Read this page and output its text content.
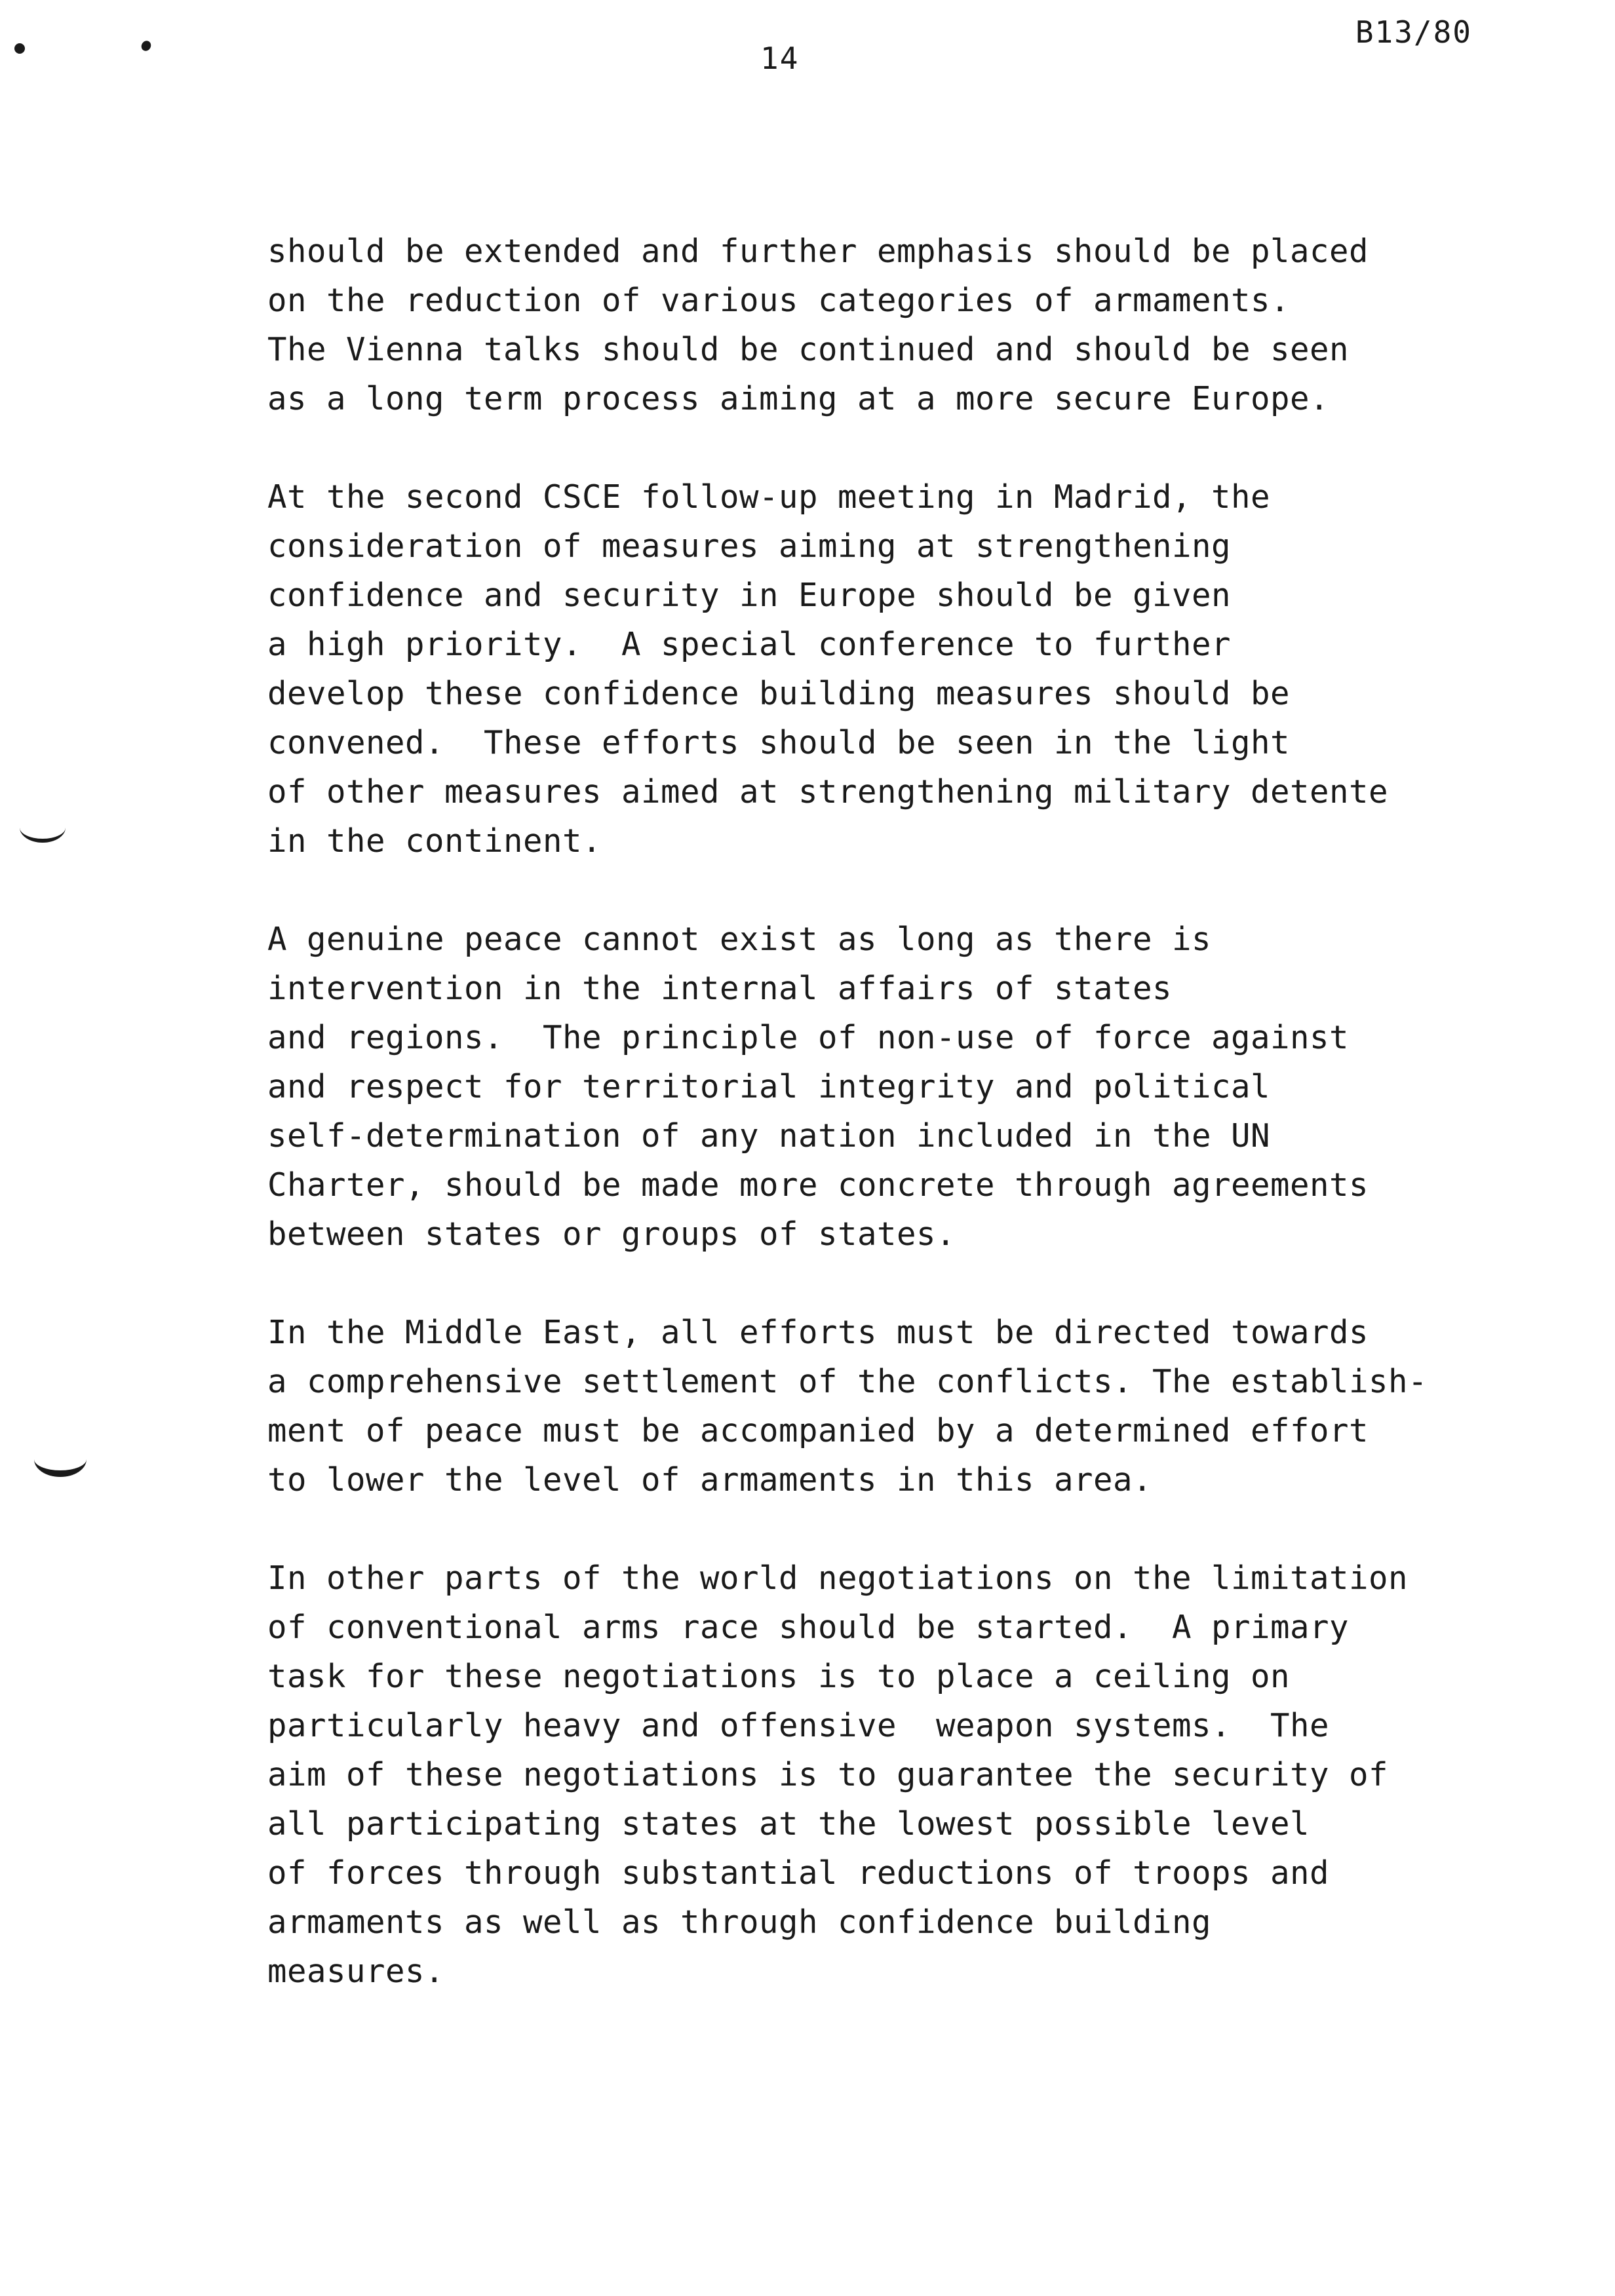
14
B13/80
should be extended and further emphasis should be placed
on the reduction of various categories of armaments.
The Vienna talks should be continued and should be seen
as a long term process aiming at a more secure Europe.
At the second CSCE follow-up meeting in Madrid, the
consideration of measures aiming at strengthening
confidence and security in Europe should be given
a high priority.  A special conference to further
develop these confidence building measures should be
convened.  These efforts should be seen in the light
of other measures aimed at strengthening military detente
in the continent.
A genuine peace cannot exist as long as there is
intervention in the internal affairs of states
and regions.  The principle of non-use of force against
and respect for territorial integrity and political
self-determination of any nation included in the UN
Charter, should be made more concrete through agreements
between states or groups of states.
In the Middle East, all efforts must be directed towards
a comprehensive settlement of the conflicts. The establish-
ment of peace must be accompanied by a determined effort
to lower the level of armaments in this area.
In other parts of the world negotiations on the limitation
of conventional arms race should be started.  A primary
task for these negotiations is to place a ceiling on
particularly heavy and offensive  weapon systems.  The
aim of these negotiations is to guarantee the security of
all participating states at the lowest possible level
of forces through substantial reductions of troops and
armaments as well as through confidence building
measures.
